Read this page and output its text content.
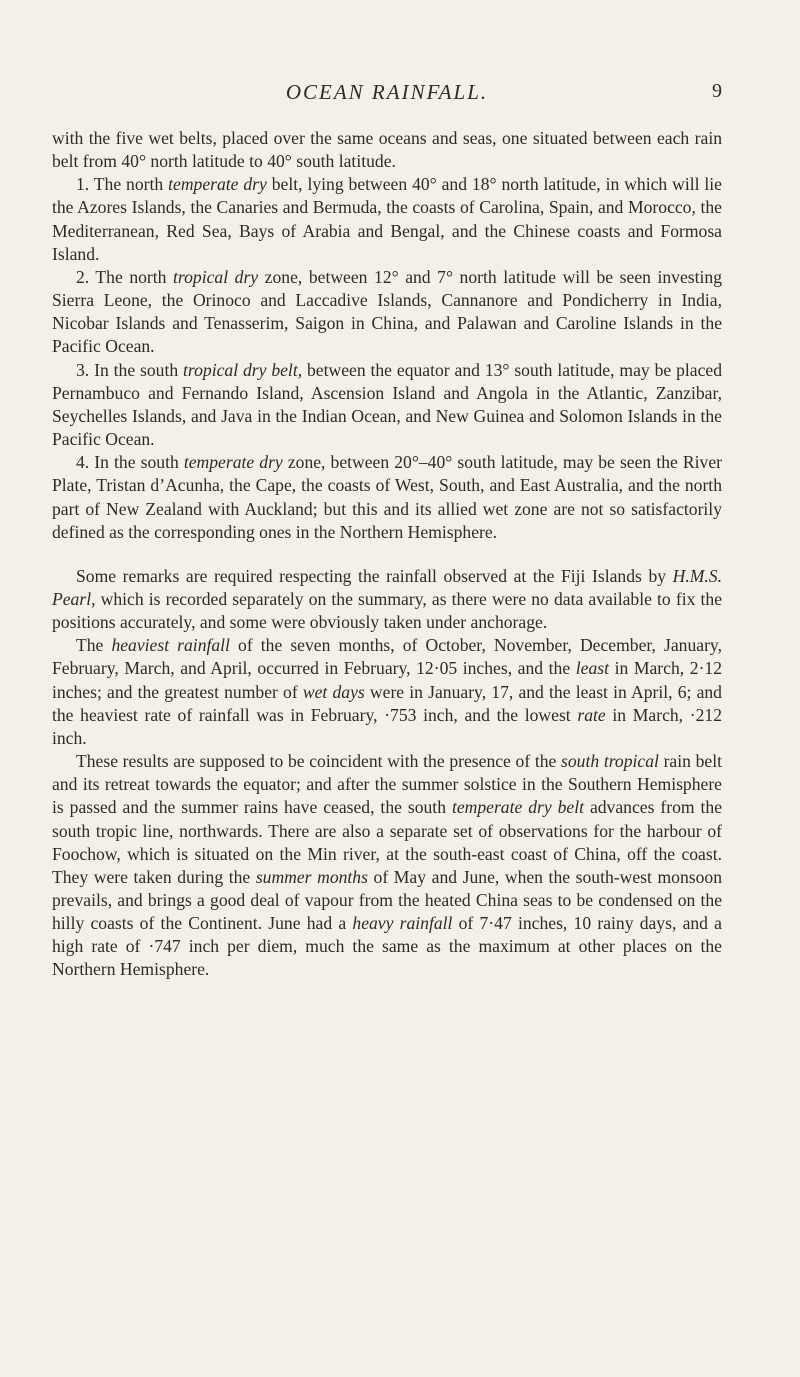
OCEAN RAINFALL.	9

with the five wet belts, placed over the same oceans and seas, one situated between each rain belt from 40° north latitude to 40° south latitude.

1. The north temperate dry belt, lying between 40° and 18° north latitude, in which will lie the Azores Islands, the Canaries and Bermuda, the coasts of Carolina, Spain, and Morocco, the Mediterranean, Red Sea, Bays of Arabia and Bengal, and the Chinese coasts and Formosa Island.

2. The north tropical dry zone, between 12° and 7° north latitude will be seen investing Sierra Leone, the Orinoco and Laccadive Islands, Cannanore and Pondicherry in India, Nicobar Islands and Tenasserim, Saigon in China, and Palawan and Caroline Islands in the Pacific Ocean.

3. In the south tropical dry belt, between the equator and 13° south latitude, may be placed Pernambuco and Fernando Island, Ascension Island and Angola in the Atlantic, Zanzibar, Seychelles Islands, and Java in the Indian Ocean, and New Guinea and Solomon Islands in the Pacific Ocean.

4. In the south temperate dry zone, between 20°–40° south latitude, may be seen the River Plate, Tristan d’Acunha, the Cape, the coasts of West, South, and East Australia, and the north part of New Zealand with Auckland; but this and its allied wet zone are not so satisfactorily defined as the corresponding ones in the Northern Hemisphere.

Some remarks are required respecting the rainfall observed at the Fiji Islands by H.M.S. Pearl, which is recorded separately on the summary, as there were no data available to fix the positions accurately, and some were obviously taken under anchorage.

The heaviest rainfall of the seven months, of October, November, December, January, February, March, and April, occurred in February, 12·05 inches, and the least in March, 2·12 inches; and the greatest number of wet days were in January, 17, and the least in April, 6; and the heaviest rate of rainfall was in February, ·753 inch, and the lowest rate in March, ·212 inch.

These results are supposed to be coincident with the presence of the south tropical rain belt and its retreat towards the equator; and after the summer solstice in the Southern Hemisphere is passed and the summer rains have ceased, the south temperate dry belt advances from the south tropic line, northwards. There are also a separate set of observations for the harbour of Foochow, which is situated on the Min river, at the south-east coast of China, off the coast. They were taken during the summer months of May and June, when the south-west monsoon prevails, and brings a good deal of vapour from the heated China seas to be condensed on the hilly coasts of the Continent. June had a heavy rainfall of 7·47 inches, 10 rainy days, and a high rate of ·747 inch per diem, much the same as the maximum at other places on the Northern Hemisphere.
